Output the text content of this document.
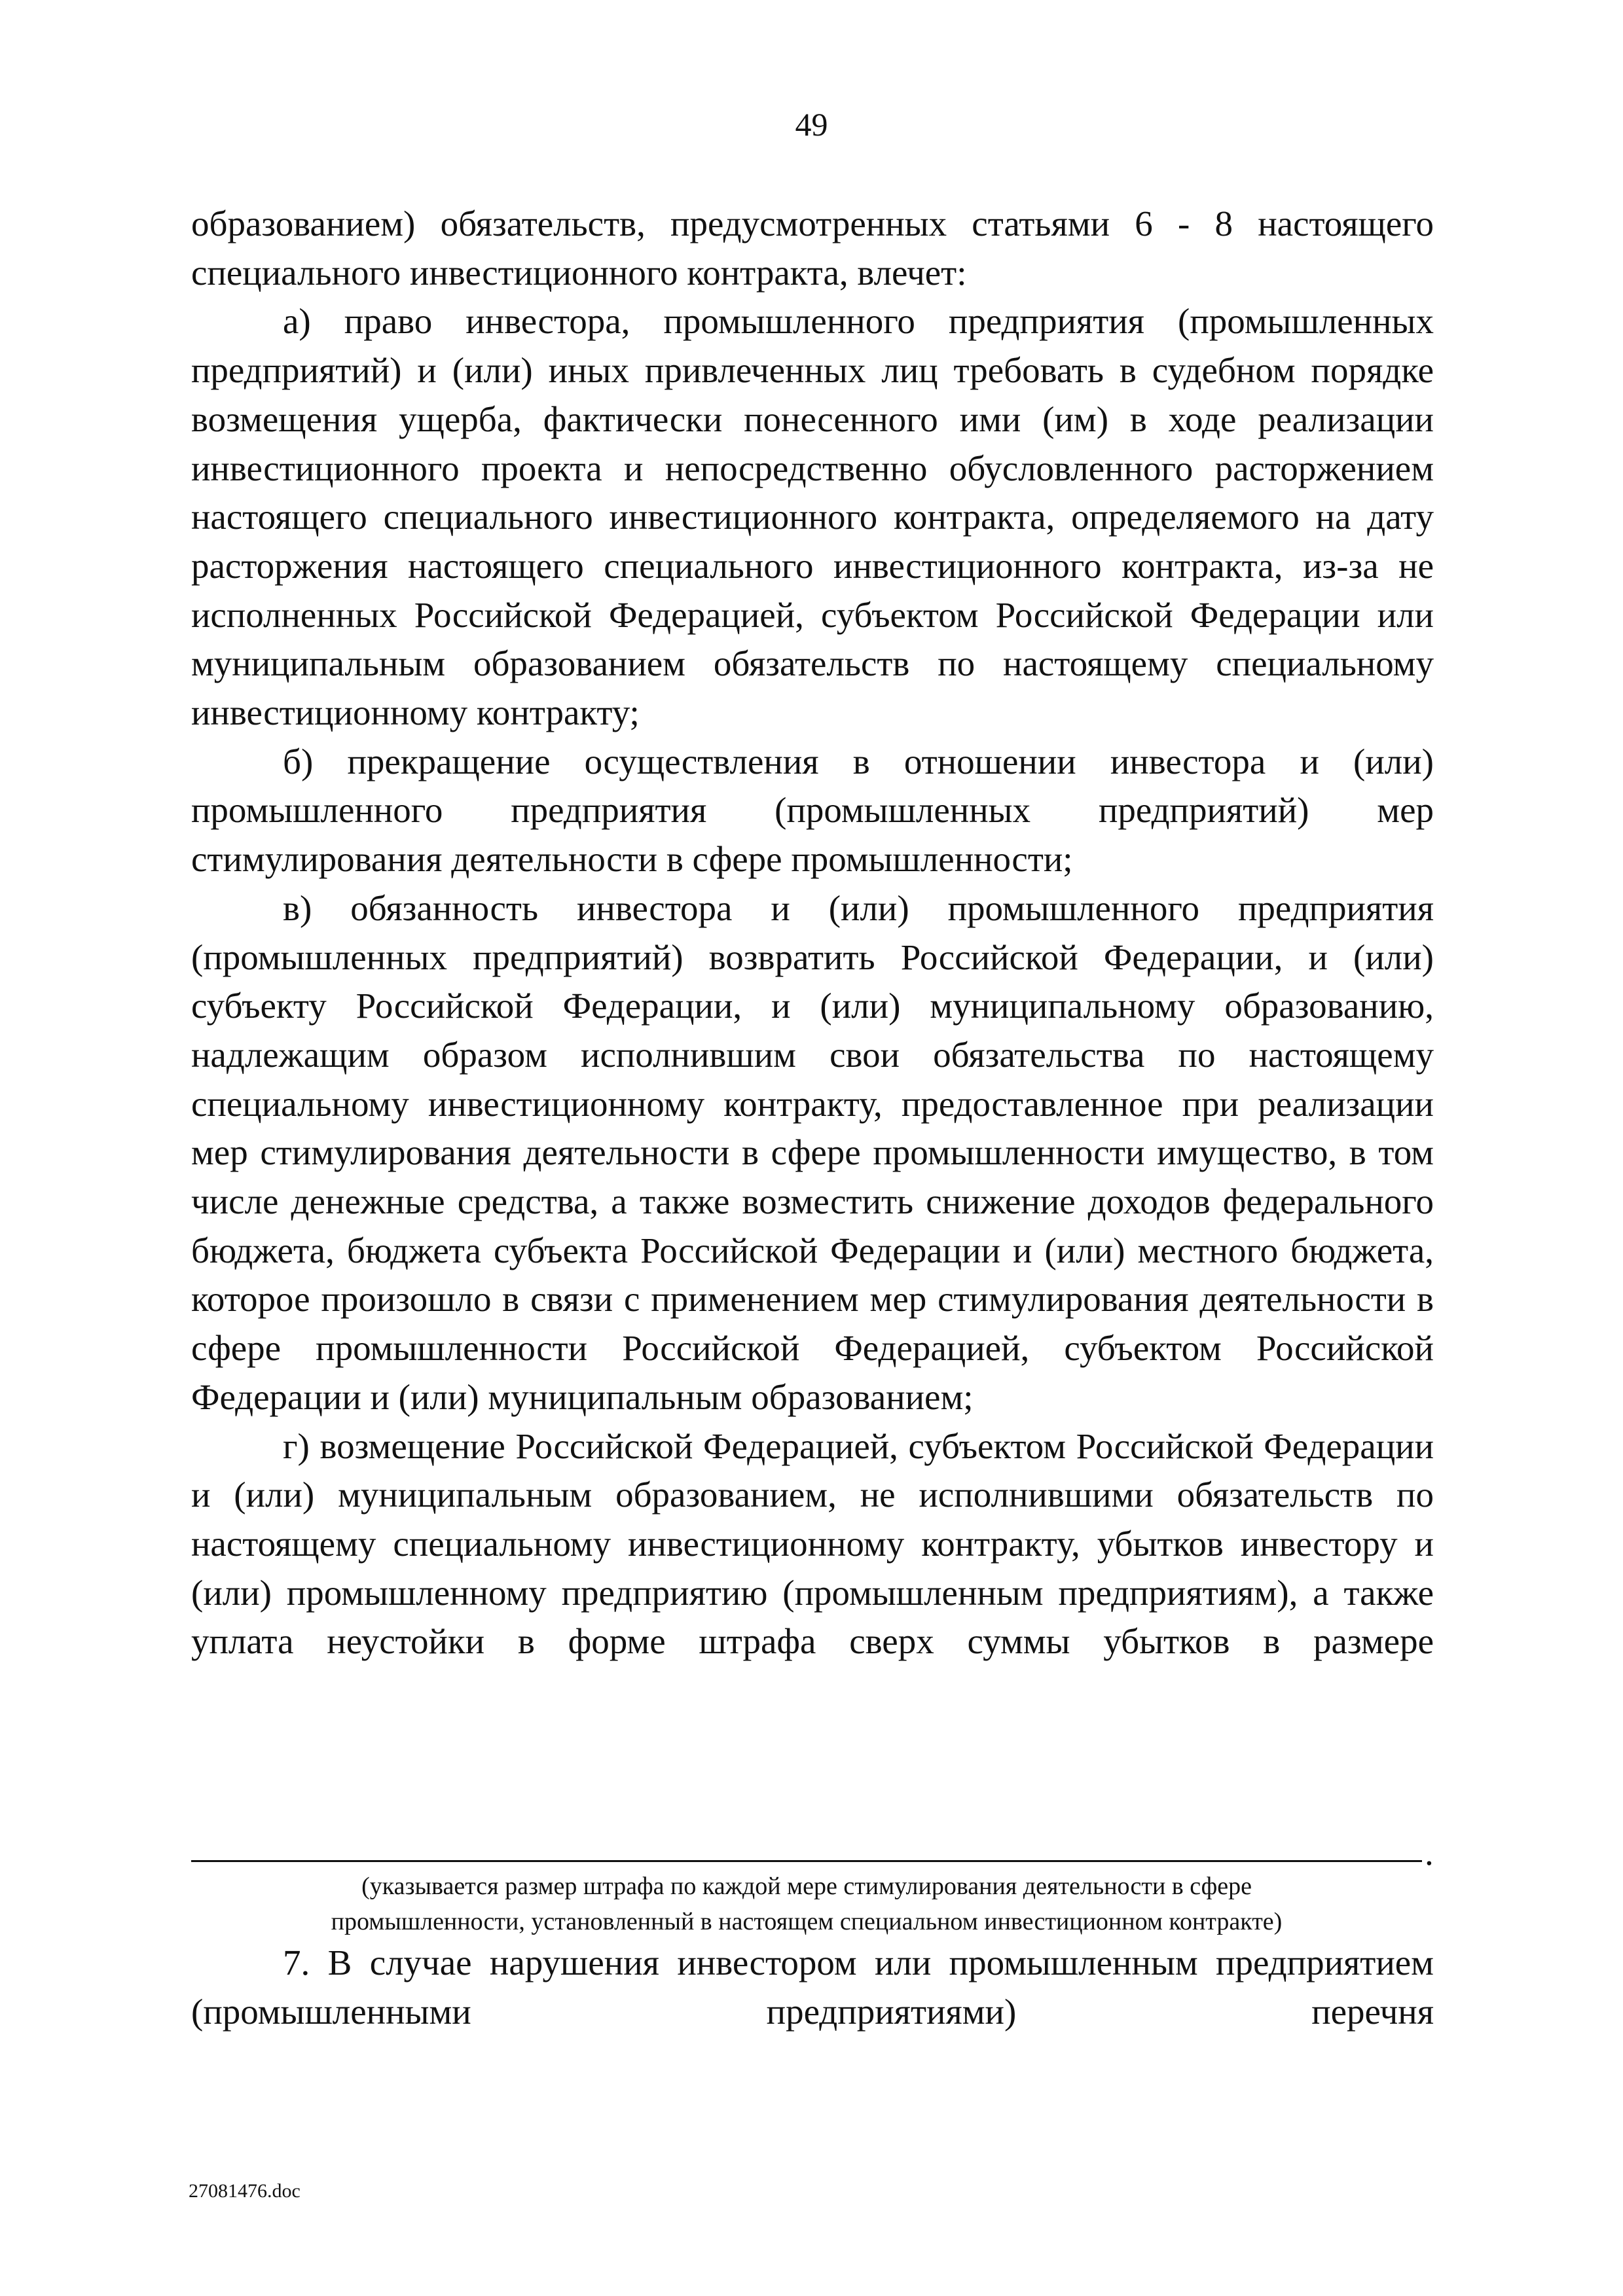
49

образованием) обязательств, предусмотренных статьями 6 - 8 настоящего специального инвестиционного контракта, влечет:

а) право инвестора, промышленного предприятия (промышленных предприятий) и (или) иных привлеченных лиц требовать в судебном порядке возмещения ущерба, фактически понесенного ими (им) в ходе реализации инвестиционного проекта и непосредственно обусловленного расторжением настоящего специального инвестиционного контракта, определяемого на дату расторжения настоящего специального инвестиционного контракта, из-за не исполненных Российской Федерацией, субъектом Российской Федерации или муниципальным образованием обязательств по настоящему специальному инвестиционному контракту;

б) прекращение осуществления в отношении инвестора и (или) промышленного предприятия (промышленных предприятий) мер стимулирования деятельности в сфере промышленности;

в) обязанность инвестора и (или) промышленного предприятия (промышленных предприятий) возвратить Российской Федерации, и (или) субъекту Российской Федерации, и (или) муниципальному образованию, надлежащим образом исполнившим свои обязательства по настоящему специальному инвестиционному контракту, предоставленное при реализации мер стимулирования деятельности в сфере промышленности имущество, в том числе денежные средства, а также возместить снижение доходов федерального бюджета, бюджета субъекта Российской Федерации и (или) местного бюджета, которое произошло в связи с применением мер стимулирования деятельности в сфере промышленности Российской Федерацией, субъектом Российской Федерации и (или) муниципальным образованием;

г) возмещение Российской Федерацией, субъектом Российской Федерации и (или) муниципальным образованием, не исполнившими обязательств по настоящему специальному инвестиционному контракту, убытков инвестору и (или) промышленному предприятию (промышленным предприятиям), а также уплата неустойки в форме штрафа сверх суммы убытков в размере

.

(указывается размер штрафа по каждой мере стимулирования деятельности в сфере

промышленности, установленный в настоящем специальном инвестиционном контракте)

7. В случае нарушения инвестором или промышленным предприятием (промышленными предприятиями) перечня

27081476.doc
